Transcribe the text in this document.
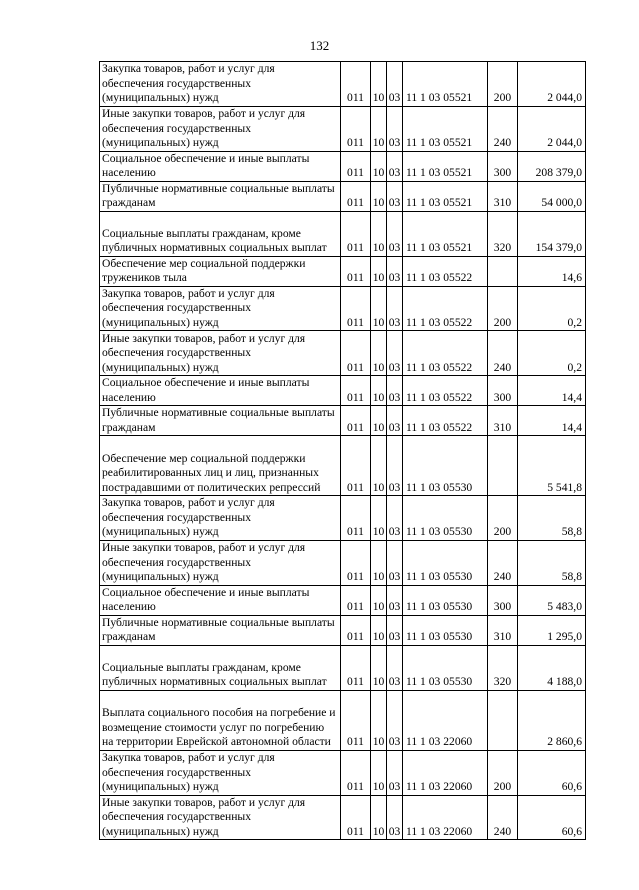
132
Закупка товаров, работ и услуг для обеспечения государственных (муниципальных) нужд	011	10	03	11 1 03 05521	200	2 044,0
Иные закупки товаров, работ и услуг для обеспечения государственных (муниципальных) нужд	011	10	03	11 1 03 05521	240	2 044,0
Социальное обеспечение и иные выплаты населению	011	10	03	11 1 03 05521	300	208 379,0
Публичные нормативные социальные выплаты гражданам	011	10	03	11 1 03 05521	310	54 000,0
Социальные выплаты гражданам, кроме публичных нормативных социальных выплат	011	10	03	11 1 03 05521	320	154 379,0
Обеспечение мер социальной поддержки тружеников тыла	011	10	03	11 1 03 05522		14,6
Закупка товаров, работ и услуг для обеспечения государственных (муниципальных) нужд	011	10	03	11 1 03 05522	200	0,2
Иные закупки товаров, работ и услуг для обеспечения государственных (муниципальных) нужд	011	10	03	11 1 03 05522	240	0,2
Социальное обеспечение и иные выплаты населению	011	10	03	11 1 03 05522	300	14,4
Публичные нормативные социальные выплаты гражданам	011	10	03	11 1 03 05522	310	14,4
Обеспечение мер социальной поддержки реабилитированных лиц и лиц, признанных пострадавшими от политических репрессий	011	10	03	11 1 03 05530		5 541,8
Закупка товаров, работ и услуг для обеспечения государственных (муниципальных) нужд	011	10	03	11 1 03 05530	200	58,8
Иные закупки товаров, работ и услуг для обеспечения государственных (муниципальных) нужд	011	10	03	11 1 03 05530	240	58,8
Социальное обеспечение и иные выплаты населению	011	10	03	11 1 03 05530	300	5 483,0
Публичные нормативные социальные выплаты гражданам	011	10	03	11 1 03 05530	310	1 295,0
Социальные выплаты гражданам, кроме публичных нормативных социальных выплат	011	10	03	11 1 03 05530	320	4 188,0
Выплата социального пособия на погребение и возмещение стоимости услуг по погребению на территории Еврейской автономной области	011	10	03	11 1 03 22060		2 860,6
Закупка товаров, работ и услуг для обеспечения государственных (муниципальных) нужд	011	10	03	11 1 03 22060	200	60,6
Иные закупки товаров, работ и услуг для обеспечения государственных (муниципальных) нужд	011	10	03	11 1 03 22060	240	60,6
